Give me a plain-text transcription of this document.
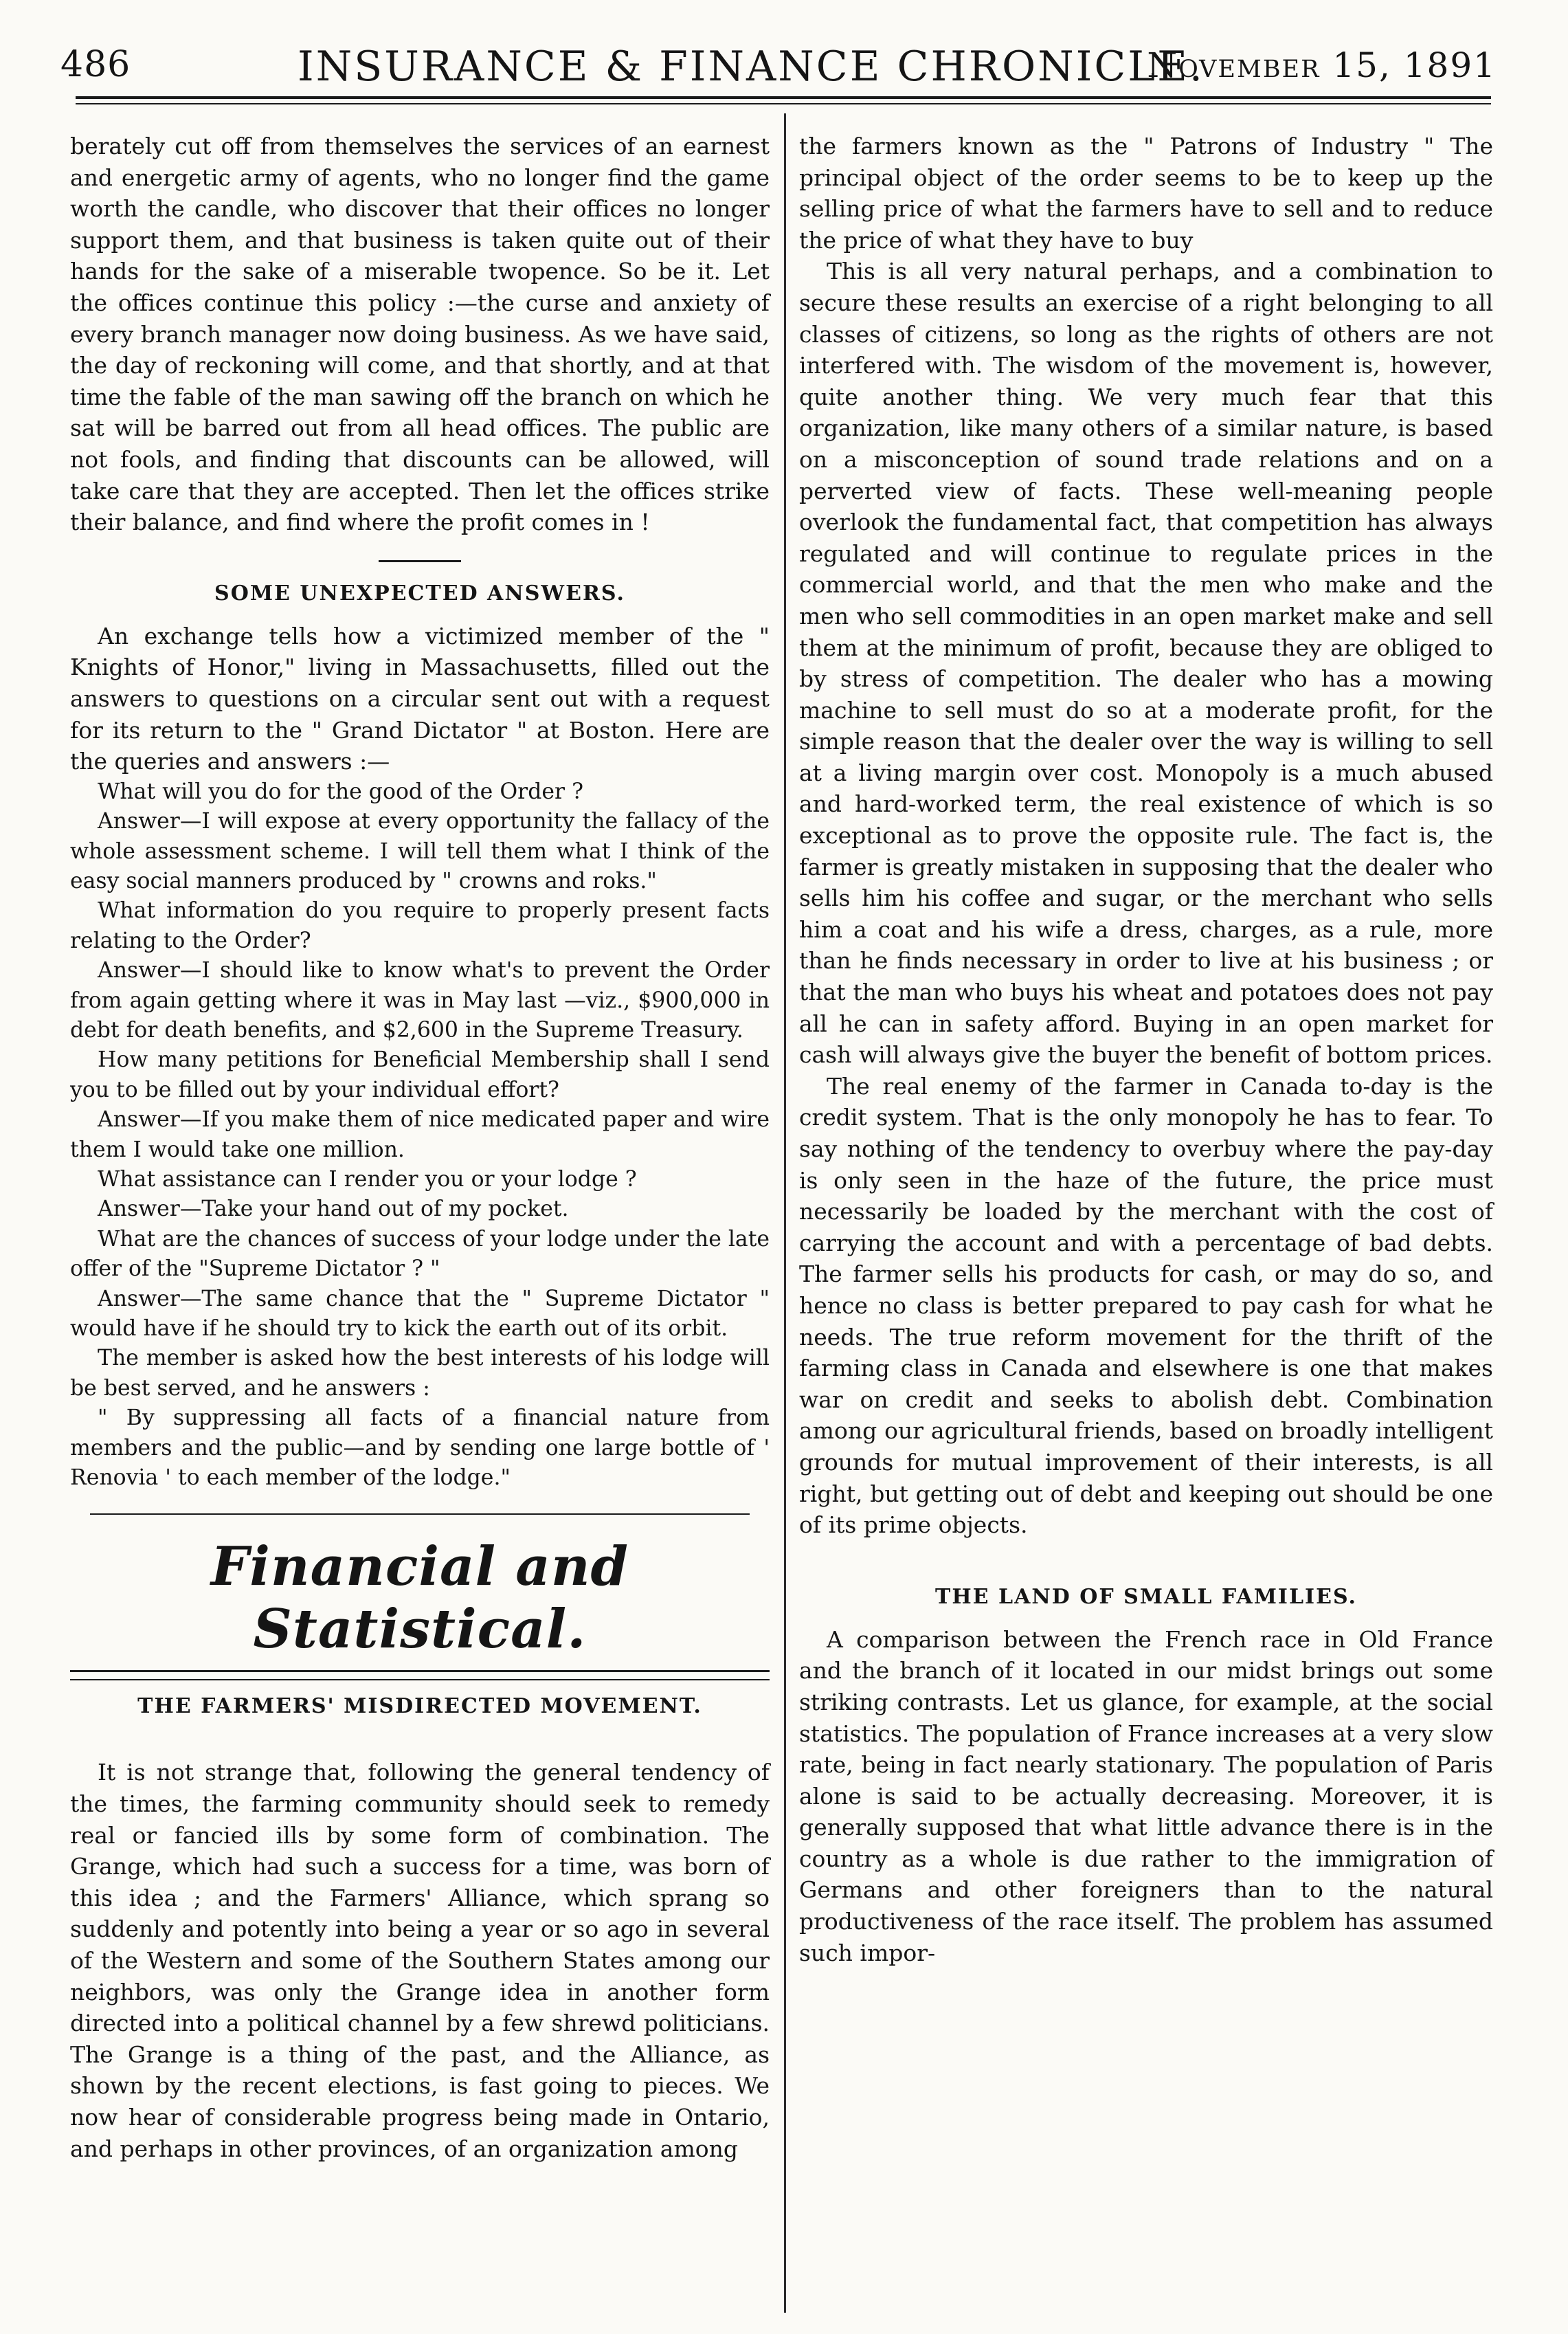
486	INSURANCE & FINANCE CHRONICLE.
November 15, 1891

berately cut off from themselves the services of an earnest and energetic army of agents, who no longer find the game worth the candle, who discover that their offices no longer support them, and that business is taken quite out of their hands for the sake of a miserable twopence. So be it. Let the offices continue this policy :—the curse and anxiety of every branch manager now doing business. As we have said, the day of reckoning will come, and that shortly, and at that time the fable of the man sawing off the branch on which he sat will be barred out from all head offices. The public are not fools, and finding that discounts can be allowed, will take care that they are accepted. Then let the offices strike their balance, and find where the profit comes in !

SOME UNEXPECTED ANSWERS.

An exchange tells how a victimized member of the " Knights of Honor," living in Massachusetts, filled out the answers to questions on a circular sent out with a request for its return to the " Grand Dictator " at Boston. Here are the queries and answers :—

What will you do for the good of the Order ?

Answer—I will expose at every opportunity the fallacy of the whole assessment scheme. I will tell them what I think of the easy social manners produced by " crowns and roks."

What information do you require to properly present facts relating to the Order?

Answer—I should like to know what's to prevent the Order from again getting where it was in May last —viz., $900,000 in debt for death benefits, and $2,600 in the Supreme Treasury.

How many petitions for Beneficial Membership shall I send you to be filled out by your individual effort?

Answer—If you make them of nice medicated paper and wire them I would take one million.

What assistance can I render you or your lodge ?

Answer—Take your hand out of my pocket.

What are the chances of success of your lodge under the late offer of the "Supreme Dictator ? "

Answer—The same chance that the " Supreme Dictator " would have if he should try to kick the earth out of its orbit.

The member is asked how the best interests of his lodge will be best served, and he answers :

" By suppressing all facts of a financial nature from members and the public—and by sending one large bottle of ' Renovia ' to each member of the lodge."

Financial and Statistical.
THE FARMERS' MISDIRECTED MOVEMENT.

It is not strange that, following the general tendency of the times, the farming community should seek to remedy real or fancied ills by some form of combination. The Grange, which had such a success for a time, was born of this idea ; and the Farmers' Alliance, which sprang so suddenly and potently into being a year or so ago in several of the Western and some of the Southern States among our neighbors, was only the Grange idea in another form directed into a political channel by a few shrewd politicians. The Grange is a thing of the past, and the Alliance, as shown by the recent elections, is fast going to pieces. We now hear of considerable progress being made in Ontario, and perhaps in other provinces, of an organization among

the farmers known as the " Patrons of Industry " The principal object of the order seems to be to keep up the selling price of what the farmers have to sell and to reduce the price of what they have to buy

This is all very natural perhaps, and a combination to secure these results an exercise of a right belonging to all classes of citizens, so long as the rights of others are not interfered with. The wisdom of the movement is, however, quite another thing. We very much fear that this organization, like many others of a similar nature, is based on a misconception of sound trade relations and on a perverted view of facts. These well-meaning people overlook the fundamental fact, that competition has always regulated and will continue to regulate prices in the commercial world, and that the men who make and the men who sell commodities in an open market make and sell them at the minimum of profit, because they are obliged to by stress of competition. The dealer who has a mowing machine to sell must do so at a moderate profit, for the simple reason that the dealer over the way is willing to sell at a living margin over cost. Monopoly is a much abused and hard-worked term, the real existence of which is so exceptional as to prove the opposite rule. The fact is, the farmer is greatly mistaken in supposing that the dealer who sells him his coffee and sugar, or the merchant who sells him a coat and his wife a dress, charges, as a rule, more than he finds necessary in order to live at his business ; or that the man who buys his wheat and potatoes does not pay all he can in safety afford. Buying in an open market for cash will always give the buyer the benefit of bottom prices.

The real enemy of the farmer in Canada to-day is the credit system. That is the only monopoly he has to fear. To say nothing of the tendency to overbuy where the pay-day is only seen in the haze of the future, the price must necessarily be loaded by the merchant with the cost of carrying the account and with a percentage of bad debts. The farmer sells his products for cash, or may do so, and hence no class is better prepared to pay cash for what he needs. The true reform movement for the thrift of the farming class in Canada and elsewhere is one that makes war on credit and seeks to abolish debt. Combination among our agricultural friends, based on broadly intelligent grounds for mutual improvement of their interests, is all right, but getting out of debt and keeping out should be one of its prime objects.

THE LAND OF SMALL FAMILIES.

A comparison between the French race in Old France and the branch of it located in our midst brings out some striking contrasts. Let us glance, for example, at the social statistics. The population of France increases at a very slow rate, being in fact nearly stationary. The population of Paris alone is said to be actually decreasing. Moreover, it is generally supposed that what little advance there is in the country as a whole is due rather to the immigration of Germans and other foreigners than to the natural productiveness of the race itself. The problem has assumed such impor-
